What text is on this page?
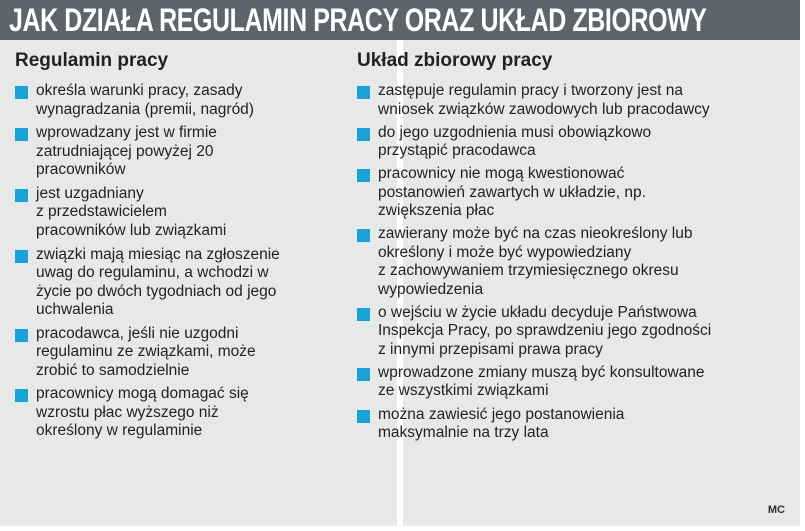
JAK DZIAŁA REGULAMIN PRACY ORAZ UKŁAD ZBIOROWY
Regulamin pracy	Układ zbiorowy pracy
określa warunki pracy, zasady
wynagradzania (premii, nagród)
wprowadzany jest w firmie
zatrudniającej powyżej 20
pracowników
jest uzgadniany
z przedstawicielem
pracowników lub związkami
związki mają miesiąc na zgłoszenie
uwag do regulaminu, a wchodzi w
życie po dwóch tygodniach od jego
uchwalenia
pracodawca, jeśli nie uzgodni
regulaminu ze związkami, może
zrobić to samodzielnie
pracownicy mogą domagać się
wzrostu płac wyższego niż
określony w regulaminie
zastępuje regulamin pracy i tworzony jest na
wniosek związków zawodowych lub pracodawcy
do jego uzgodnienia musi obowiązkowo
przystąpić pracodawca
pracownicy nie mogą kwestionować
postanowień zawartych w układzie, np.
zwiększenia płac
zawierany może być na czas nieokreślony lub
określony i może być wypowiedziany
z zachowywaniem trzymiesięcznego okresu
wypowiedzenia
o wejściu w życie układu decyduje Państwowa
Inspekcja Pracy, po sprawdzeniu jego zgodności
z innymi przepisami prawa pracy
wprowadzone zmiany muszą być konsultowane
ze wszystkimi związkami
można zawiesić jego postanowienia
maksymalnie na trzy lata
MC
